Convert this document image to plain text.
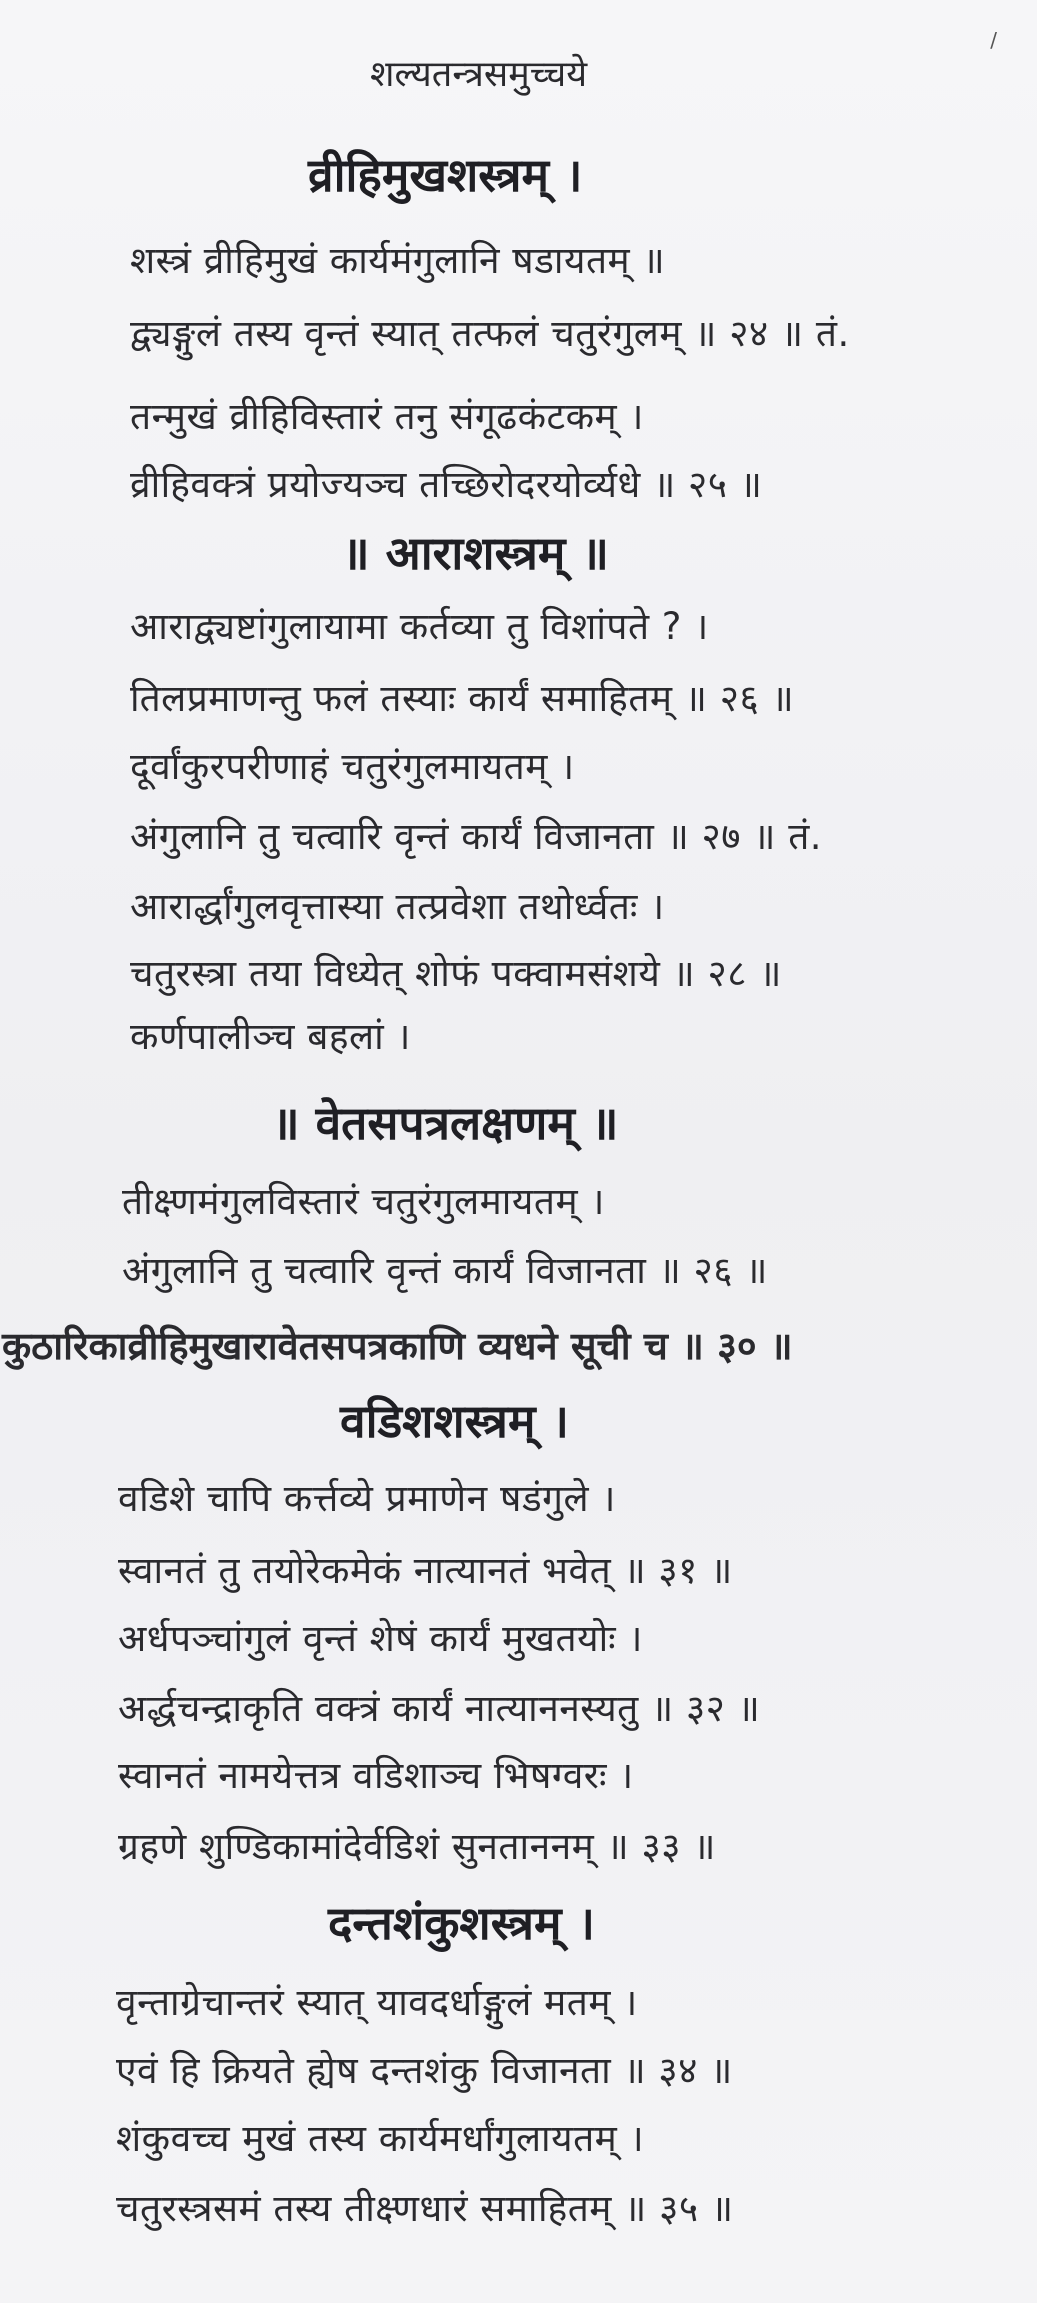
/
शल्यतन्त्रसमुच्चये
व्रीहिमुखशस्त्रम् ।
शस्त्रं व्रीहिमुखं कार्यमंगुलानि षडायतम् ॥
द्व्यङ्गुलं तस्य वृन्तं स्यात् तत्फलं चतुरंगुलम् ॥ २४ ॥ तं.
तन्मुखं व्रीहिविस्तारं तनु संगूढकंटकम् ।
व्रीहिवक्त्रं प्रयोज्यञ्च तच्छिरोदरयोर्व्यधे ॥ २५ ॥
॥ आराशस्त्रम् ॥
आराद्व्यष्टांगुलायामा कर्तव्या तु विशांपते ? ।
तिलप्रमाणन्तु फलं तस्याः कार्यं समाहितम् ॥ २६ ॥
दूर्वांकुरपरीणाहं चतुरंगुलमायतम् ।
अंगुलानि तु चत्वारि वृन्तं कार्यं विजानता ॥ २७ ॥ तं.
आरार्द्धांगुलवृत्तास्या तत्प्रवेशा तथोर्ध्वतः ।
चतुरस्त्रा तया विध्येत् शोफं पक्वामसंशये ॥ २८ ॥
कर्णपालीञ्च बहलां ।
॥ वेतसपत्रलक्षणम् ॥
तीक्ष्णमंगुलविस्तारं चतुरंगुलमायतम् ।
अंगुलानि तु चत्वारि वृन्तं कार्यं विजानता ॥ २६ ॥
कुठारिकाव्रीहिमुखारावेतसपत्रकाणि व्यधने सूची च ॥ ३० ॥
वडिशशस्त्रम् ।
वडिशे चापि कर्त्तव्ये प्रमाणेन षडंगुले ।
स्वानतं तु तयोरेकमेकं नात्यानतं भवेत् ॥ ३१ ॥
अर्धपञ्चांगुलं वृन्तं शेषं कार्यं मुखतयोः ।
अर्द्धचन्द्राकृति वक्त्रं कार्यं नात्याननस्यतु ॥ ३२ ॥
स्वानतं नामयेत्तत्र वडिशाञ्च भिषग्वरः ।
ग्रहणे शुण्डिकामांदेर्वडिशं सुनताननम् ॥ ३३ ॥
दन्तशंकुशस्त्रम् ।
वृन्ताग्रेचान्तरं स्यात् यावदर्धाङ्गुलं मतम् ।
एवं हि क्रियते ह्येष दन्तशंकु विजानता ॥ ३४ ॥
शंकुवच्च मुखं तस्य कार्यमर्धांगुलायतम् ।
चतुरस्त्रसमं तस्य तीक्ष्णधारं समाहितम् ॥ ३५ ॥
